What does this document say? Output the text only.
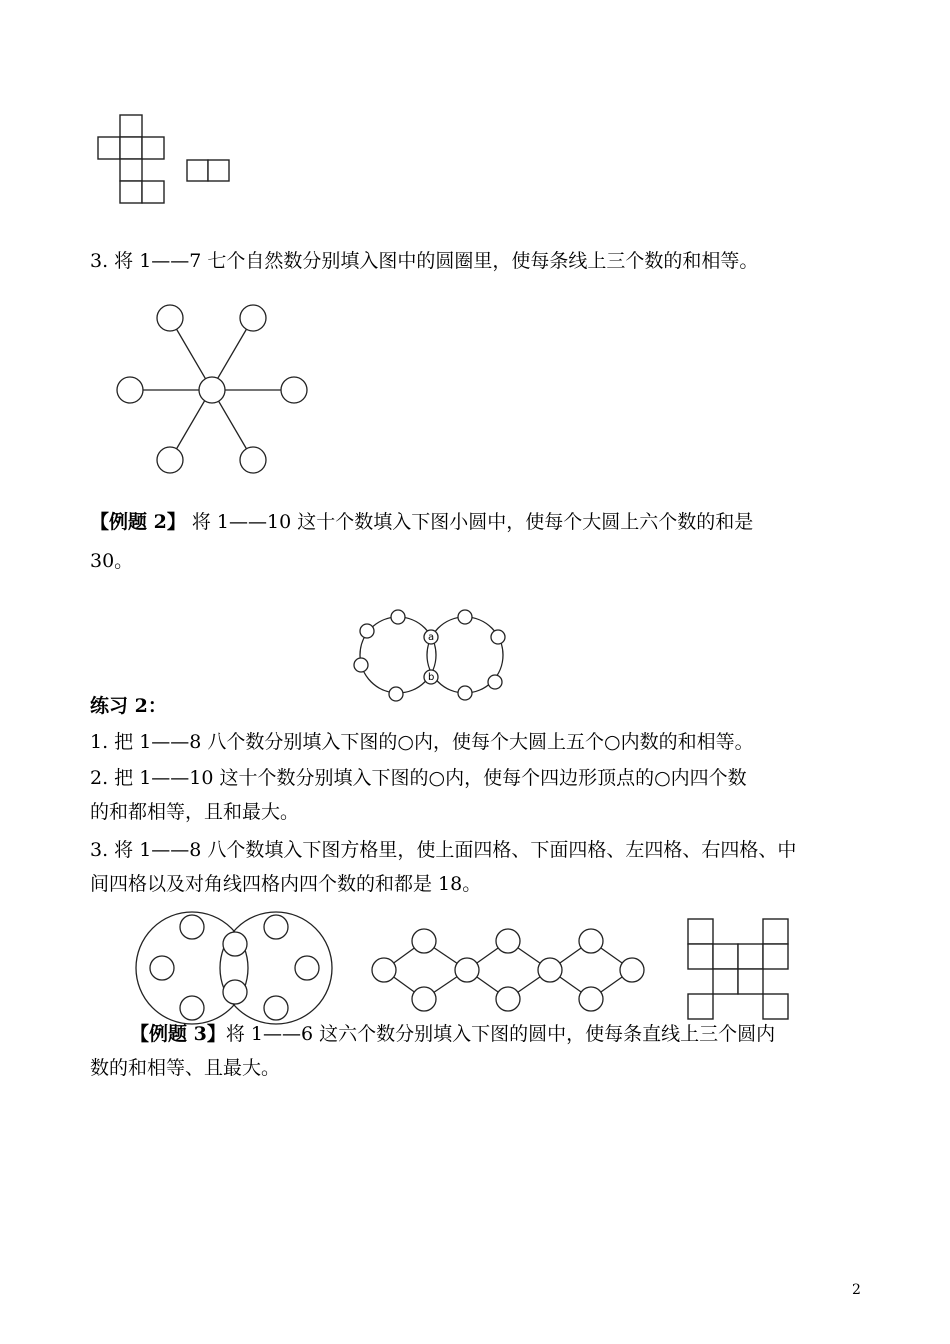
3. 将 1——7 七个自然数分别填入图中的圆圈里，使每条线上三个数的和相等。
【例题 2】 将 1——10 这十个数填入下图小圆中，使每个大圆上六个数的和是
30。
a
b
练习 2：
1. 把 1——8 八个数分别填入下图的○内，使每个大圆上五个○内数的和相等。
2. 把 1——10 这十个数分别填入下图的○内，使每个四边形顶点的○内四个数
的和都相等，且和最大。
3. 将 1——8 八个数填入下图方格里，使上面四格、下面四格、左四格、右四格、中
间四格以及对角线四格内四个数的和都是 18。
【例题 3】将 1——6 这六个数分别填入下图的圆中，使每条直线上三个圆内
数的和相等、且最大。
2
